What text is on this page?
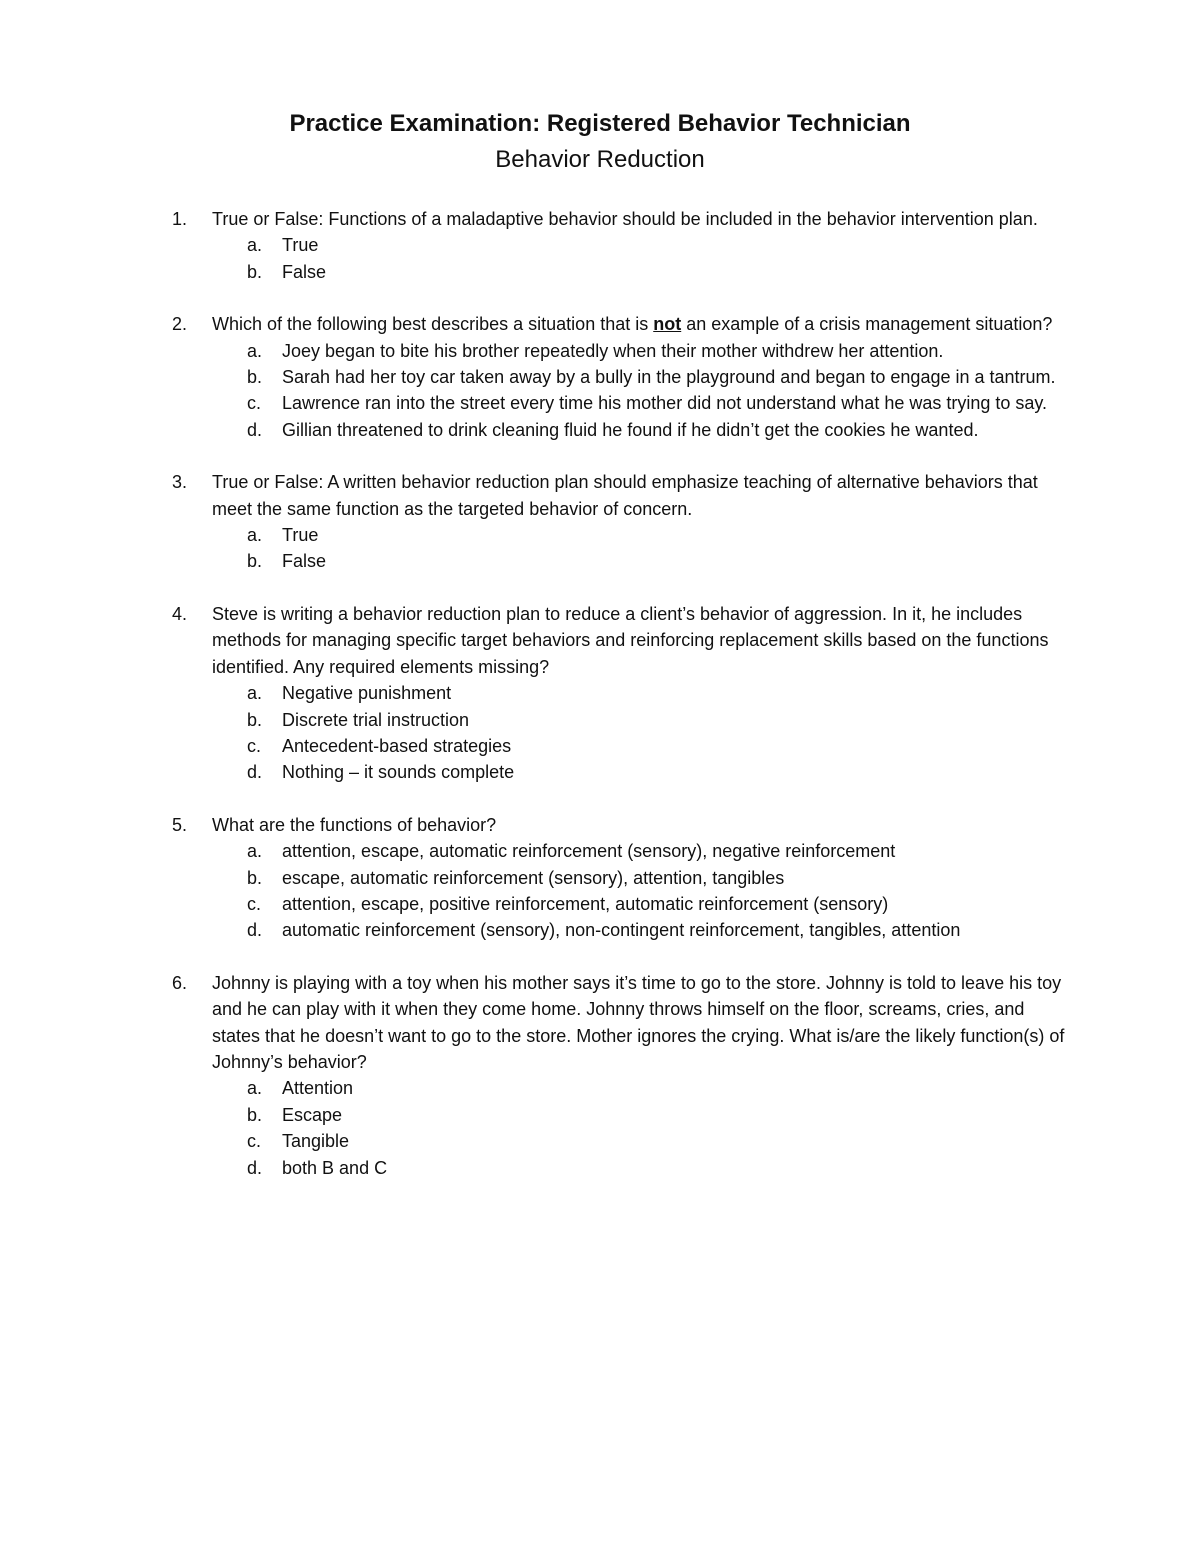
Practice Examination: Registered Behavior Technician
Behavior Reduction
1. True or False: Functions of a maladaptive behavior should be included in the behavior intervention plan.
a. True
b. False
2. Which of the following best describes a situation that is not an example of a crisis management situation?
a. Joey began to bite his brother repeatedly when their mother withdrew her attention.
b. Sarah had her toy car taken away by a bully in the playground and began to engage in a tantrum.
c. Lawrence ran into the street every time his mother did not understand what he was trying to say.
d. Gillian threatened to drink cleaning fluid he found if he didn’t get the cookies he wanted.
3. True or False: A written behavior reduction plan should emphasize teaching of alternative behaviors that meet the same function as the targeted behavior of concern.
a. True
b. False
4. Steve is writing a behavior reduction plan to reduce a client’s behavior of aggression. In it, he includes methods for managing specific target behaviors and reinforcing replacement skills based on the functions identified. Any required elements missing?
a. Negative punishment
b. Discrete trial instruction
c. Antecedent-based strategies
d. Nothing – it sounds complete
5. What are the functions of behavior?
a. attention, escape, automatic reinforcement (sensory), negative reinforcement
b. escape, automatic reinforcement (sensory), attention, tangibles
c. attention, escape, positive reinforcement, automatic reinforcement (sensory)
d. automatic reinforcement (sensory), non-contingent reinforcement, tangibles, attention
6. Johnny is playing with a toy when his mother says it’s time to go to the store. Johnny is told to leave his toy and he can play with it when they come home. Johnny throws himself on the floor, screams, cries, and states that he doesn’t want to go to the store. Mother ignores the crying. What is/are the likely function(s) of Johnny’s behavior?
a. Attention
b. Escape
c. Tangible
d. both B and C
